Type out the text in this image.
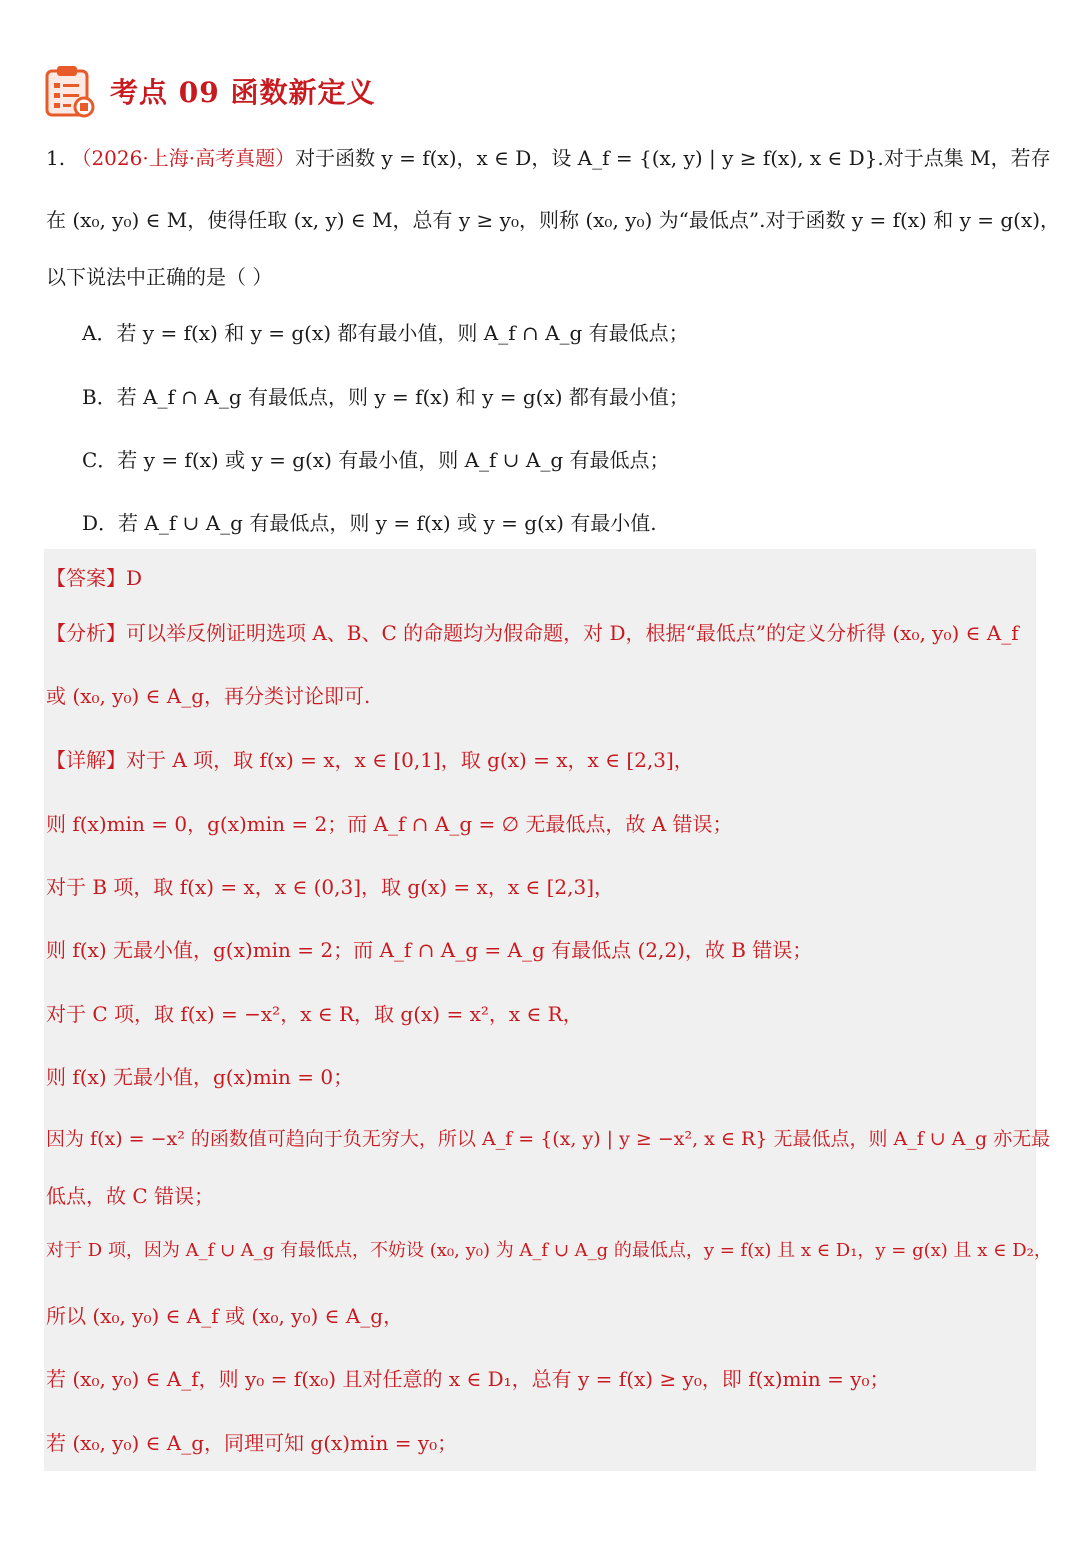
考点 09 函数新定义
1. （2026·上海·高考真题）对于函数 y = f(x)，x ∈ D，设 A_f = {(x, y) | y ≥ f(x), x ∈ D}.对于点集 M，若存
在 (x₀, y₀) ∈ M，使得任取 (x, y) ∈ M，总有 y ≥ y₀，则称 (x₀, y₀) 为“最低点”.对于函数 y = f(x) 和 y = g(x)，
以下说法中正确的是（ ）
A．若 y = f(x) 和 y = g(x) 都有最小值，则 A_f ∩ A_g 有最低点；
B．若 A_f ∩ A_g 有最低点，则 y = f(x) 和 y = g(x) 都有最小值；
C．若 y = f(x) 或 y = g(x) 有最小值，则 A_f ∪ A_g 有最低点；
D．若 A_f ∪ A_g 有最低点，则 y = f(x) 或 y = g(x) 有最小值.
【答案】D
【分析】可以举反例证明选项 A、B、C 的命题均为假命题，对 D，根据“最低点”的定义分析得 (x₀, y₀) ∈ A_f
或 (x₀, y₀) ∈ A_g，再分类讨论即可.
【详解】对于 A 项，取 f(x) = x，x ∈ [0,1]，取 g(x) = x，x ∈ [2,3]，
则 f(x)min = 0，g(x)min = 2；而 A_f ∩ A_g = ∅ 无最低点，故 A 错误；
对于 B 项，取 f(x) = x，x ∈ (0,3]，取 g(x) = x，x ∈ [2,3]，
则 f(x) 无最小值，g(x)min = 2；而 A_f ∩ A_g = A_g 有最低点 (2,2)，故 B 错误；
对于 C 项，取 f(x) = −x²，x ∈ R，取 g(x) = x²，x ∈ R，
则 f(x) 无最小值，g(x)min = 0；
因为 f(x) = −x² 的函数值可趋向于负无穷大，所以 A_f = {(x, y) | y ≥ −x², x ∈ R} 无最低点，则 A_f ∪ A_g 亦无最
低点，故 C 错误；
对于 D 项，因为 A_f ∪ A_g 有最低点，不妨设 (x₀, y₀) 为 A_f ∪ A_g 的最低点，y = f(x) 且 x ∈ D₁，y = g(x) 且 x ∈ D₂，
所以 (x₀, y₀) ∈ A_f 或 (x₀, y₀) ∈ A_g，
若 (x₀, y₀) ∈ A_f，则 y₀ = f(x₀) 且对任意的 x ∈ D₁，总有 y = f(x) ≥ y₀，即 f(x)min = y₀；
若 (x₀, y₀) ∈ A_g，同理可知 g(x)min = y₀；
